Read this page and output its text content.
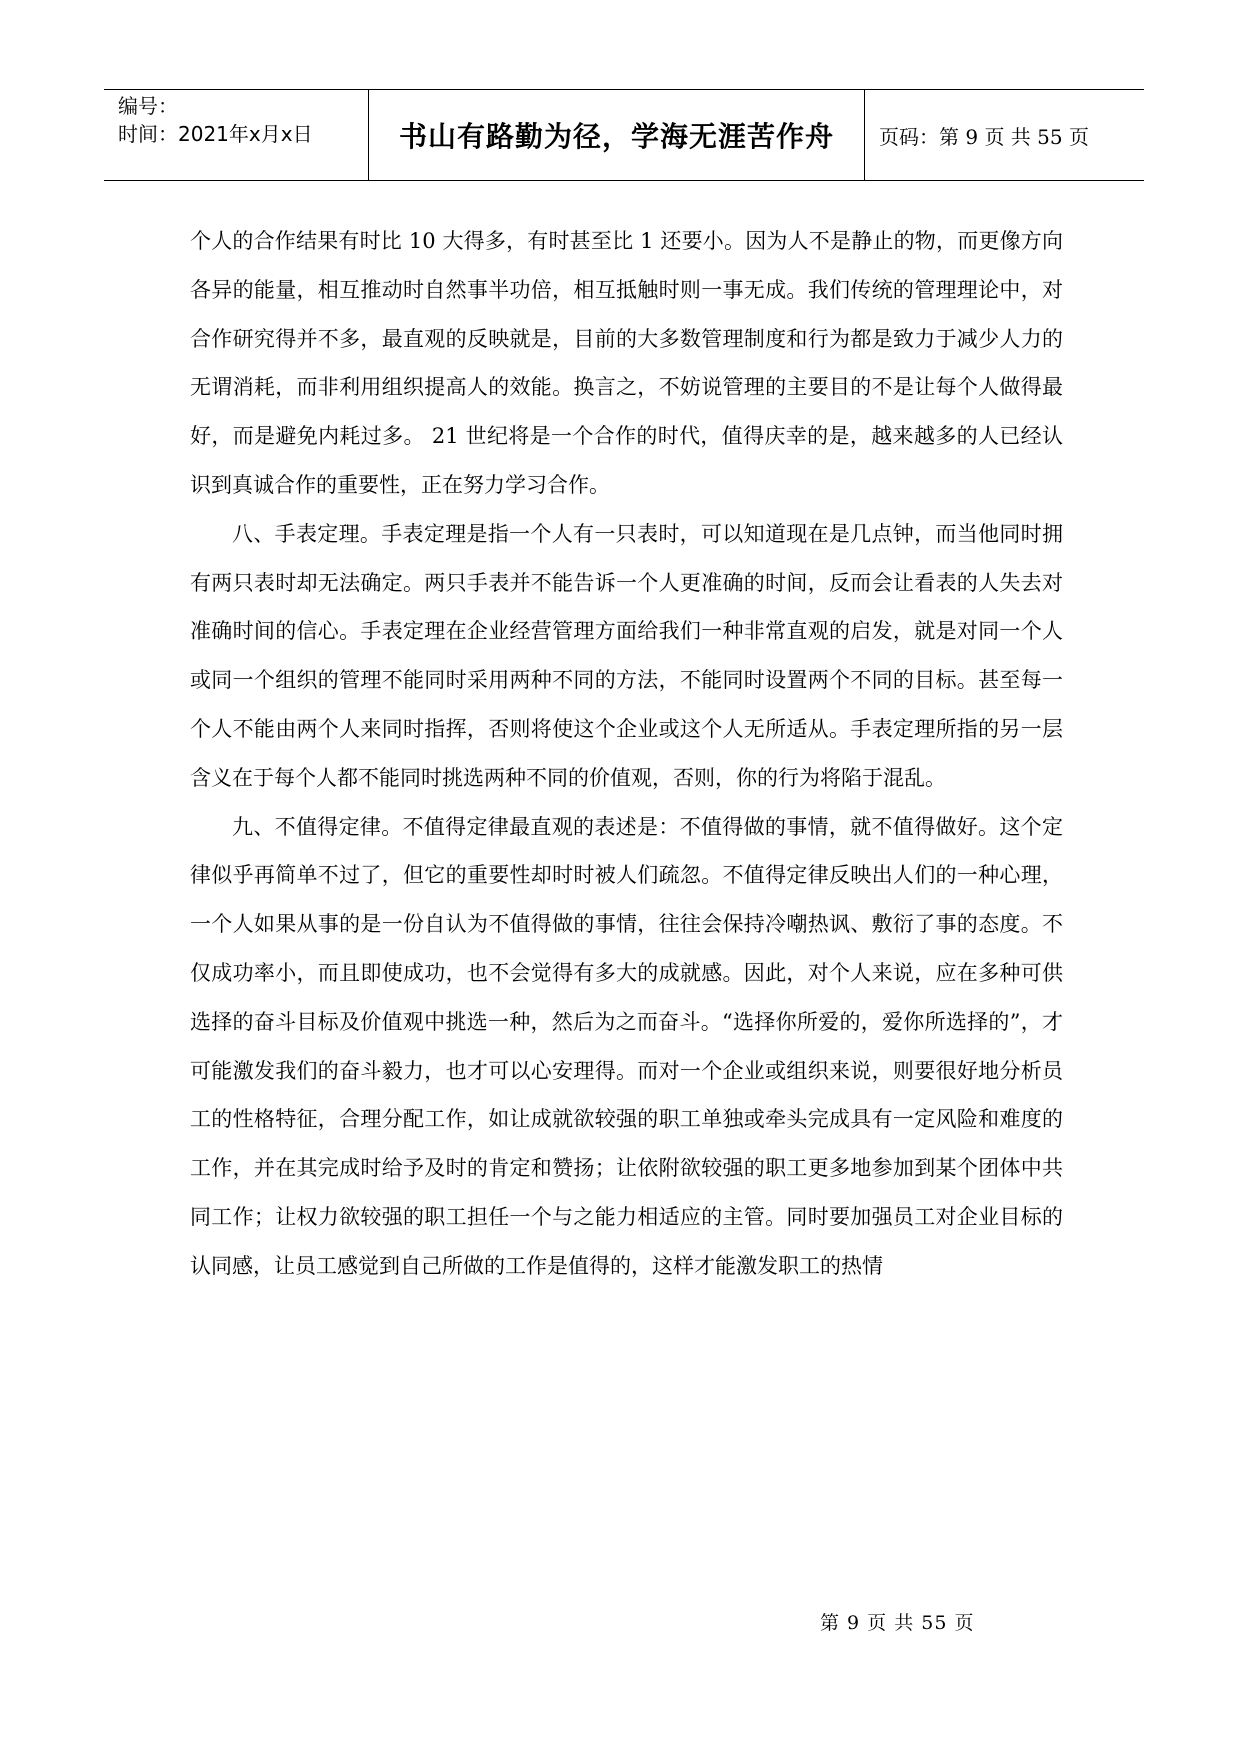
编号：
时间：2021年x月x日	书山有路勤为径，学海无涯苦作舟 页码：第 9 页 共 55 页

个人的合作结果有时比 10 大得多，有时甚至比 1 还要小。因为人不是静止的物，而更像方向各异的能量，相互推动时自然事半功倍，相互抵触时则一事无成。我们传统的管理理论中，对合作研究得并不多，最直观的反映就是，目前的大多数管理制度和行为都是致力于减少人力的无谓消耗，而非利用组织提高人的效能。换言之，不妨说管理的主要目的不是让每个人做得最好，而是避免内耗过多。 21 世纪将是一个合作的时代，值得庆幸的是，越来越多的人已经认识到真诚合作的重要性，正在努力学习合作。

八、手表定理。手表定理是指一个人有一只表时，可以知道现在是几点钟，而当他同时拥有两只表时却无法确定。两只手表并不能告诉一个人更准确的时间，反而会让看表的人失去对准确时间的信心。手表定理在企业经营管理方面给我们一种非常直观的启发，就是对同一个人或同一个组织的管理不能同时采用两种不同的方法，不能同时设置两个不同的目标。甚至每一个人不能由两个人来同时指挥，否则将使这个企业或这个人无所适从。手表定理所指的另一层含义在于每个人都不能同时挑选两种不同的价值观，否则，你的行为将陷于混乱。

九、不值得定律。不值得定律最直观的表述是：不值得做的事情，就不值得做好。这个定律似乎再简单不过了，但它的重要性却时时被人们疏忽。不值得定律反映出人们的一种心理，一个人如果从事的是一份自认为不值得做的事情，往往会保持冷嘲热讽、敷衍了事的态度。不仅成功率小，而且即使成功，也不会觉得有多大的成就感。因此，对个人来说，应在多种可供选择的奋斗目标及价值观中挑选一种，然后为之而奋斗。“选择你所爱的，爱你所选择的”，才可能激发我们的奋斗毅力，也才可以心安理得。而对一个企业或组织来说，则要很好地分析员工的性格特征，合理分配工作，如让成就欲较强的职工单独或牵头完成具有一定风险和难度的工作，并在其完成时给予及时的肯定和赞扬；让依附欲较强的职工更多地参加到某个团体中共同工作；让权力欲较强的职工担任一个与之能力相适应的主管。同时要加强员工对企业目标的认同感，让员工感觉到自己所做的工作是值得的，这样才能激发职工的热情

第 9 页 共 55 页
